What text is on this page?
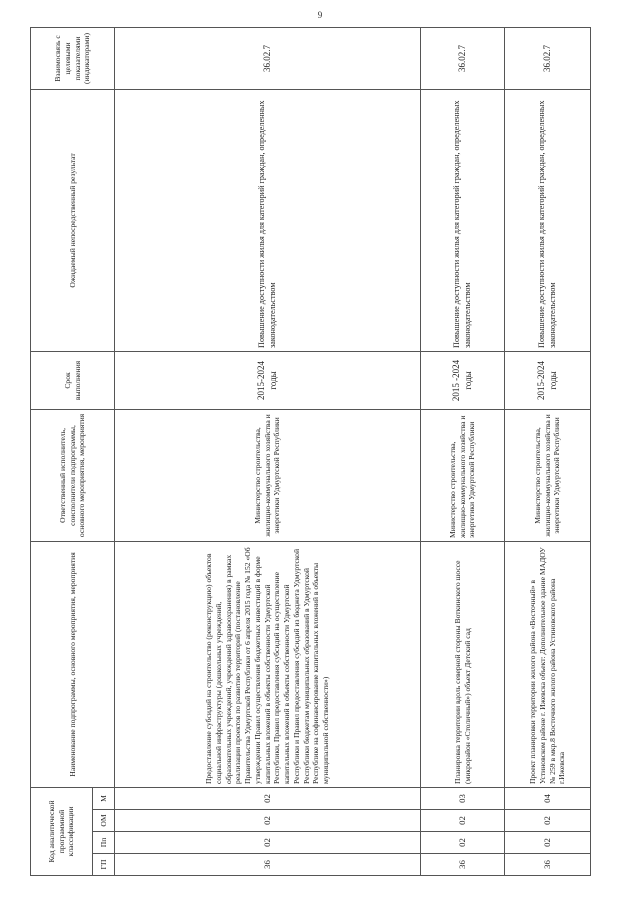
9
Код аналитической программной классификации				Наименование подпрограммы, основного мероприятия, мероприятия	Ответственный исполнитель, соисполнители подпрограммы, основного мероприятия, мероприятия	Срок выполнения	Ожидаемый непосредственный результат	Взаимосвязь с целевыми показателями (индикаторами)
ГП	Пп	ОМ	М					
36	02	02	02	Предоставление субсидий на строительство (реконструкцию) объектов социальной инфраструктуры (дошкольных учреждений, образовательных учреждений, учреждений здравоохранения) в рамках реализации проектов по развитию территорий (постановление Правительства Удмуртской Республики от 6 апреля 2015 года № 152 «Об утверждении Правил осуществления бюджетных инвестиций в форме капитальных вложений в объекты собственности Удмуртской Республики, Правил предоставления субсидий на осуществление капитальных вложений в объекты собственности Удмуртской Республики и Правил предоставления субсидий из бюджета Удмуртской Республики бюджетам муниципальных образований в Удмуртской Республике на софинансирование капитальных вложений в объекты муниципальной собственности»)	Министерство строительства, жилищно-коммунального хозяйства и энергетики Удмуртской Республики	2015-2024 годы	Повышение доступности жилья для категорий граждан, определенных законодательством	36.02.7
36	02	02	03	Планировка территории вдоль северной стороны Воткинского шоссе (микрорайон «Столичный») объект Детский сад	Министерство строительства, жилищно-коммунального хозяйства и энергетики Удмуртской Республики	2015 -2024 годы	Повышение доступности жилья для категорий граждан, определенных законодательством	36.02.7
36	02	02	04	Проект планировки территории жилого района «Восточный» в Устиновском районе г. Ижевска объект: Дополнительное здание МАДОУ № 259 в мкр.8 Восточного жилого района Устиновского района г.Ижевска	Министерство строительства, жилищно-коммунального хозяйства и энергетики Удмуртской Республики	2015-2024 годы	Повышение доступности жилья для категорий граждан, определенных законодательством	36.02.7
